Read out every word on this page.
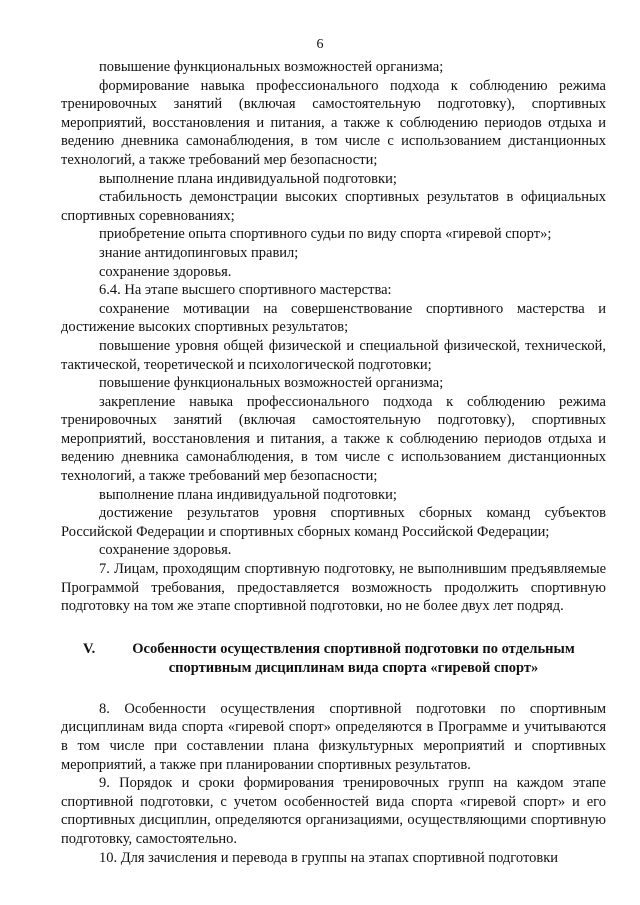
6

повышение функциональных возможностей организма;

формирование навыка профессионального подхода к соблюдению режима тренировочных занятий (включая самостоятельную подготовку), спортивных мероприятий, восстановления и питания, а также к соблюдению периодов отдыха и ведению дневника самонаблюдения, в том числе с использованием дистанционных технологий, а также требований мер безопасности;

выполнение плана индивидуальной подготовки;

стабильность демонстрации высоких спортивных результатов в официальных спортивных соревнованиях;

приобретение опыта спортивного судьи по виду спорта «гиревой спорт»;

знание антидопинговых правил;

сохранение здоровья.

6.4. На этапе высшего спортивного мастерства:

сохранение мотивации на совершенствование спортивного мастерства и достижение высоких спортивных результатов;

повышение уровня общей физической и специальной физической, технической, тактической, теоретической и психологической подготовки;

повышение функциональных возможностей организма;

закрепление навыка профессионального подхода к соблюдению режима тренировочных занятий (включая самостоятельную подготовку), спортивных мероприятий, восстановления и питания, а также к соблюдению периодов отдыха и ведению дневника самонаблюдения, в том числе с использованием дистанционных технологий, а также требований мер безопасности;

выполнение плана индивидуальной подготовки;

достижение результатов уровня спортивных сборных команд субъектов Российской Федерации и спортивных сборных команд Российской Федерации;

сохранение здоровья.

7. Лицам, проходящим спортивную подготовку, не выполнившим предъявляемые Программой требования, предоставляется возможность продолжить спортивную подготовку на том же этапе спортивной подготовки, но не более двух лет подряд.

V.	Особенности осуществления спортивной подготовки по отдельным спортивным дисциплинам вида спорта «гиревой спорт»

8. Особенности осуществления спортивной подготовки по спортивным дисциплинам вида спорта «гиревой спорт» определяются в Программе и учитываются в том числе при составлении плана физкультурных мероприятий и спортивных мероприятий, а также при планировании спортивных результатов.

9. Порядок и сроки формирования тренировочных групп на каждом этапе спортивной подготовки, с учетом особенностей вида спорта «гиревой спорт» и его спортивных дисциплин, определяются организациями, осуществляющими спортивную подготовку, самостоятельно.

10. Для зачисления и перевода в группы на этапах спортивной подготовки
